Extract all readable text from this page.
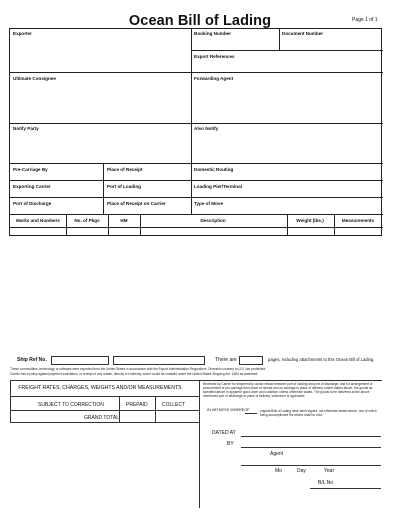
Ocean Bill of Lading	Page 1 of 1
Exporter	Booking Number	Document Number
Export References
Ultimate Consignee	Forwarding Agent
Notify Party	Also Notify
Pre-Carriage By	Place of Receipt	Domestic Routing
Exporting Carrier	Port of Loading	Loading Pier/Terminal
Port of Discharge	Place of Receipt on Carrier	Type of Move
Marks and Numbers	No. of Pkgs	HM	Description	Weight (lbs.)	Measurements
Ship Ref No.	There are	pages, including attachments to this Ocean Bill of Lading.
These commodities, technology or software were exported from the United States in accordance with the Export Administration Regulations. Diversion contrary to U.S. law prohibited.
Carrier has a policy against payment solicitation, or receipt of any rebate, directly or indirectly, which would be unlawful under the United States Shipping Act, 1984 as amended.
FREIGHT RATES, CHARGES, WEIGHTS AND/OR MEASUREMENTS
SUBJECT TO CORRECTION	PREPAID	COLLECT
GRAND TOTAL
Received by Carrier for shipment by ocean vessel between port of loading and port of discharge, and for arrangement or procurement of pre-carriage from place of receipt and on-carriage to place of delivery, where stated above, the goods as specified above in apparent good order and condition unless otherwise stated. The goods to be delivered at the above mentioned port of discharge or place of delivery, whichever is applicable.
IN WITNESS WHEREOF	original Bills of Lading have been signed, not otherwise stated above, one of which being accomplished the others shall be void.
DATED AT
BY
Agent
Mo	Day	Year
B/L No
